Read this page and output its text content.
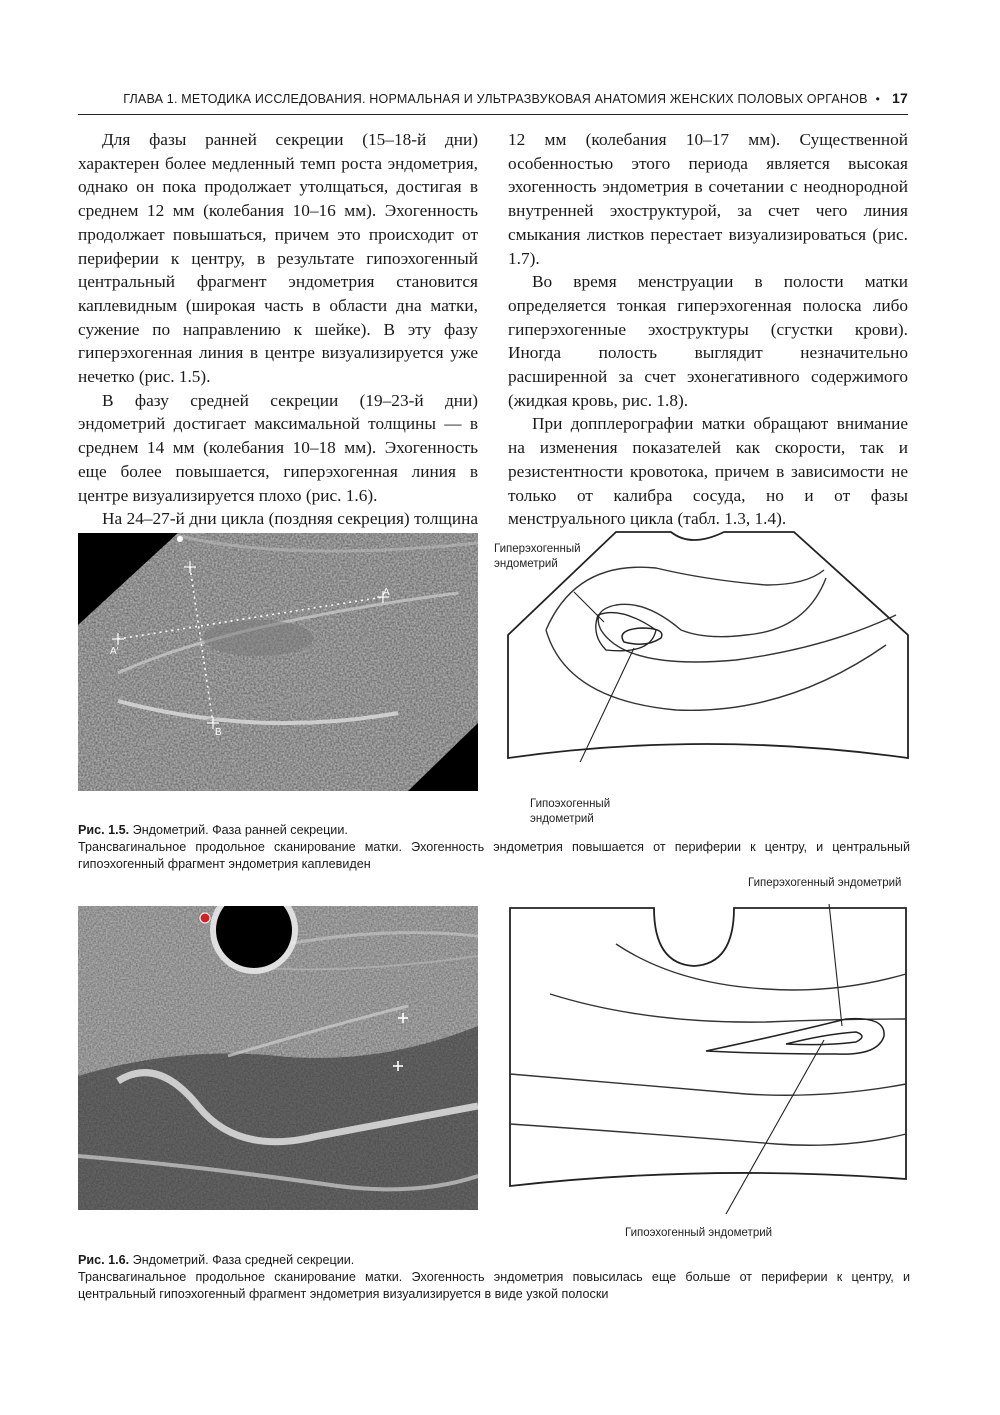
ГЛАВА 1. МЕТОДИКА ИССЛЕДОВАНИЯ. НОРМАЛЬНАЯ И УЛЬТРАЗВУКОВАЯ АНАТОМИЯ ЖЕНСКИХ ПОЛОВЫХ ОРГАНОВ • 17

Для фазы ранней секреции (15–18-й дни) характерен более медленный темп роста эндометрия, однако он пока продолжает утолщаться, достигая в среднем 12 мм (колебания 10–16 мм). Эхогенность продолжает повышаться, причем это происходит от периферии к центру, в результате гипоэхогенный центральный фрагмент эндометрия становится каплевидным (широкая часть в области дна матки, сужение по направлению к шейке). В эту фазу гиперэхогенная линия в центре визуализируется уже нечетко (рис. 1.5).

В фазу средней секреции (19–23-й дни) эндометрий достигает максимальной толщины — в среднем 14 мм (колебания 10–18 мм). Эхогенность еще более повышается, гиперэхогенная линия в центре визуализируется плохо (рис. 1.6).

На 24–27-й дни цикла (поздняя секреция) толщина

12 мм (колебания 10–17 мм). Существенной особенностью этого периода является высокая эхогенность эндометрия в сочетании с неоднородной внутренней эхоструктурой, за счет чего линия смыкания листков перестает визуализироваться (рис. 1.7).

Во время менструации в полости матки определяется тонкая гиперэхогенная полоска либо гиперэхогенные эхоструктуры (сгустки крови). Иногда полость выглядит незначительно расширенной за счет эхонегативного содержимого (жидкая кровь, рис. 1.8).

При допплерографии матки обращают внимание на изменения показателей как скорости, так и резистентности кровотока, причем в зависимости не только от калибра сосуда, но и от фазы менструального цикла (табл. 1.3, 1.4).

A'
A
B
Гиперэхогенный эндометрий
Гипоэхогенный эндометрий
Рис. 1.5. Эндометрий. Фаза ранней секреции.
Трансвагинальное продольное сканирование матки. Эхогенность эндометрия повышается от периферии к центру, и центральный гипоэхогенный фрагмент эндометрия каплевиден
Гиперэхогенный эндометрий
Гипоэхогенный эндометрий
Рис. 1.6. Эндометрий. Фаза средней секреции.
Трансвагинальное продольное сканирование матки. Эхогенность эндометрия повысилась еще больше от периферии к центру, и центральный гипоэхогенный фрагмент эндометрия визуализируется в виде узкой полоски
